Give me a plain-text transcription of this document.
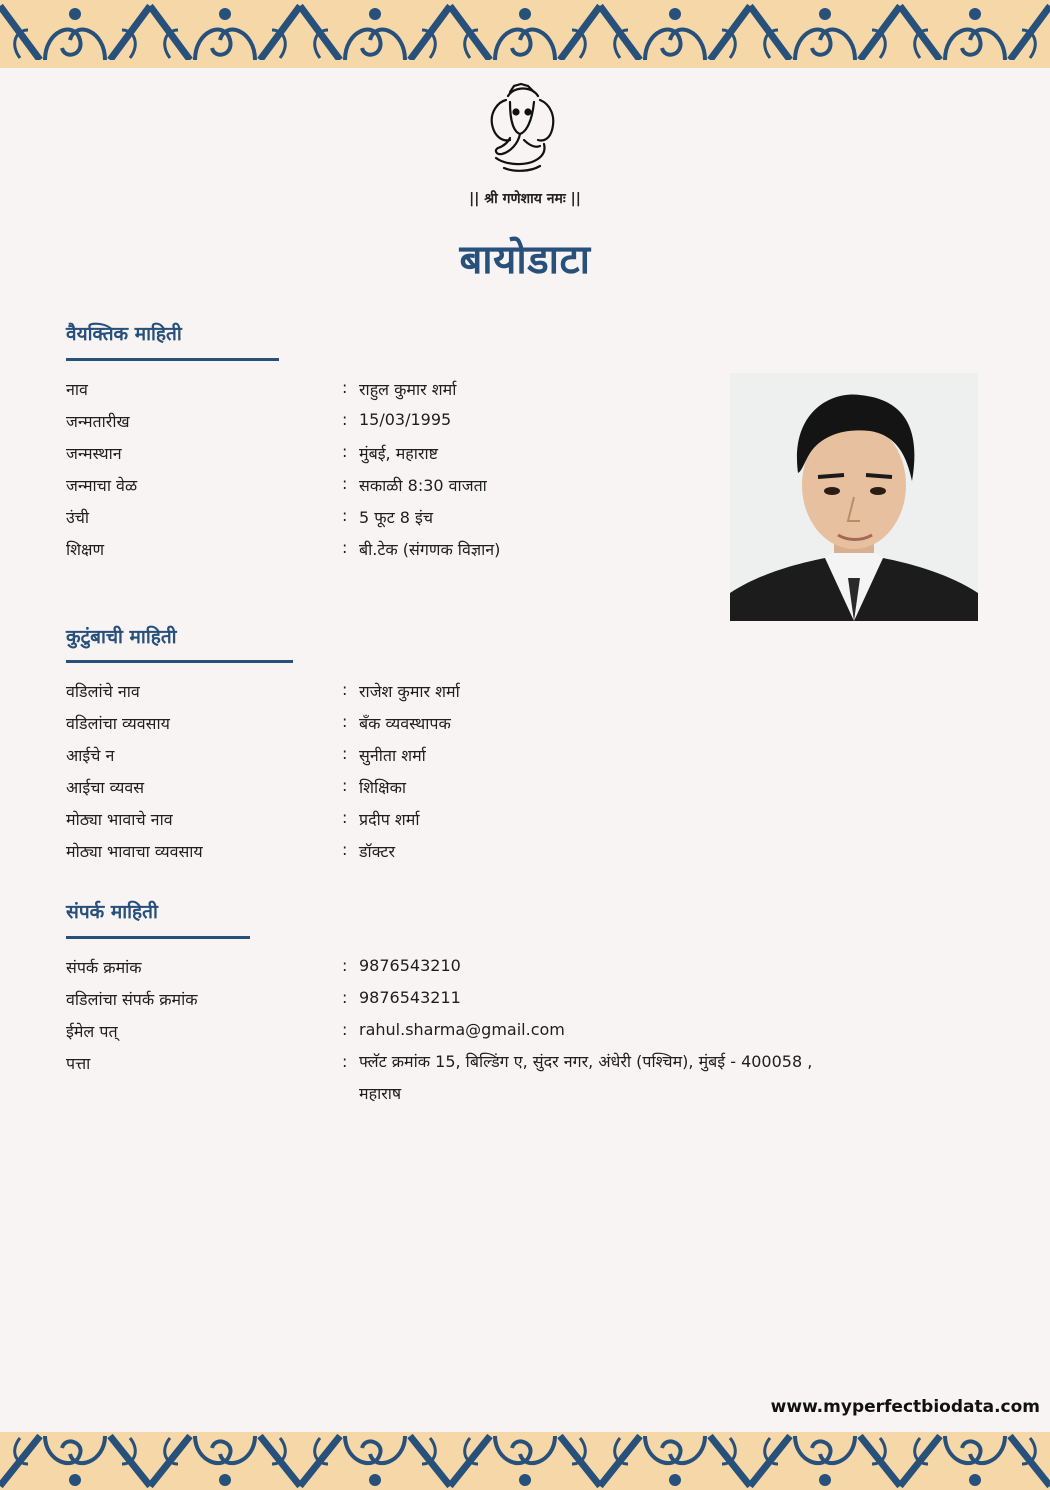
|| श्री गणेशाय नमः ||
बायोडाटा
वैयक्तिक माहिती
नाव	: राहुल कुमार शर्मा
जन्मतारीख	: 15/03/1995
जन्मस्थान	: मुंबई, महाराष्ट
जन्माचा वेळ	: सकाळी 8:30 वाजता
उंची	: 5 फूट 8 इंच
शिक्षण	: बी.टेक (संगणक विज्ञान)
कुटुंबाची माहिती
वडिलांचे नाव	: राजेश कुमार शर्मा
वडिलांचा व्यवसाय	: बँक व्यवस्थापक
आईचे न	: सुनीता शर्मा
आईचा व्यवस	: शिक्षिका
मोठ्या भावाचे नाव	: प्रदीप शर्मा
मोठ्या भावाचा व्यवसाय	: डॉक्टर
संपर्क माहिती
संपर्क क्रमांक	: 9876543210
वडिलांचा संपर्क क्रमांक	: 9876543211
ईमेल पत्	: rahul.sharma@gmail.com
पत्ता	: फ्लॅट क्रमांक 15, बिल्डिंग ए, सुंदर नगर, अंधेरी (पश्चिम), मुंबई - 400058 , महाराष
www.myperfectbiodata.com
